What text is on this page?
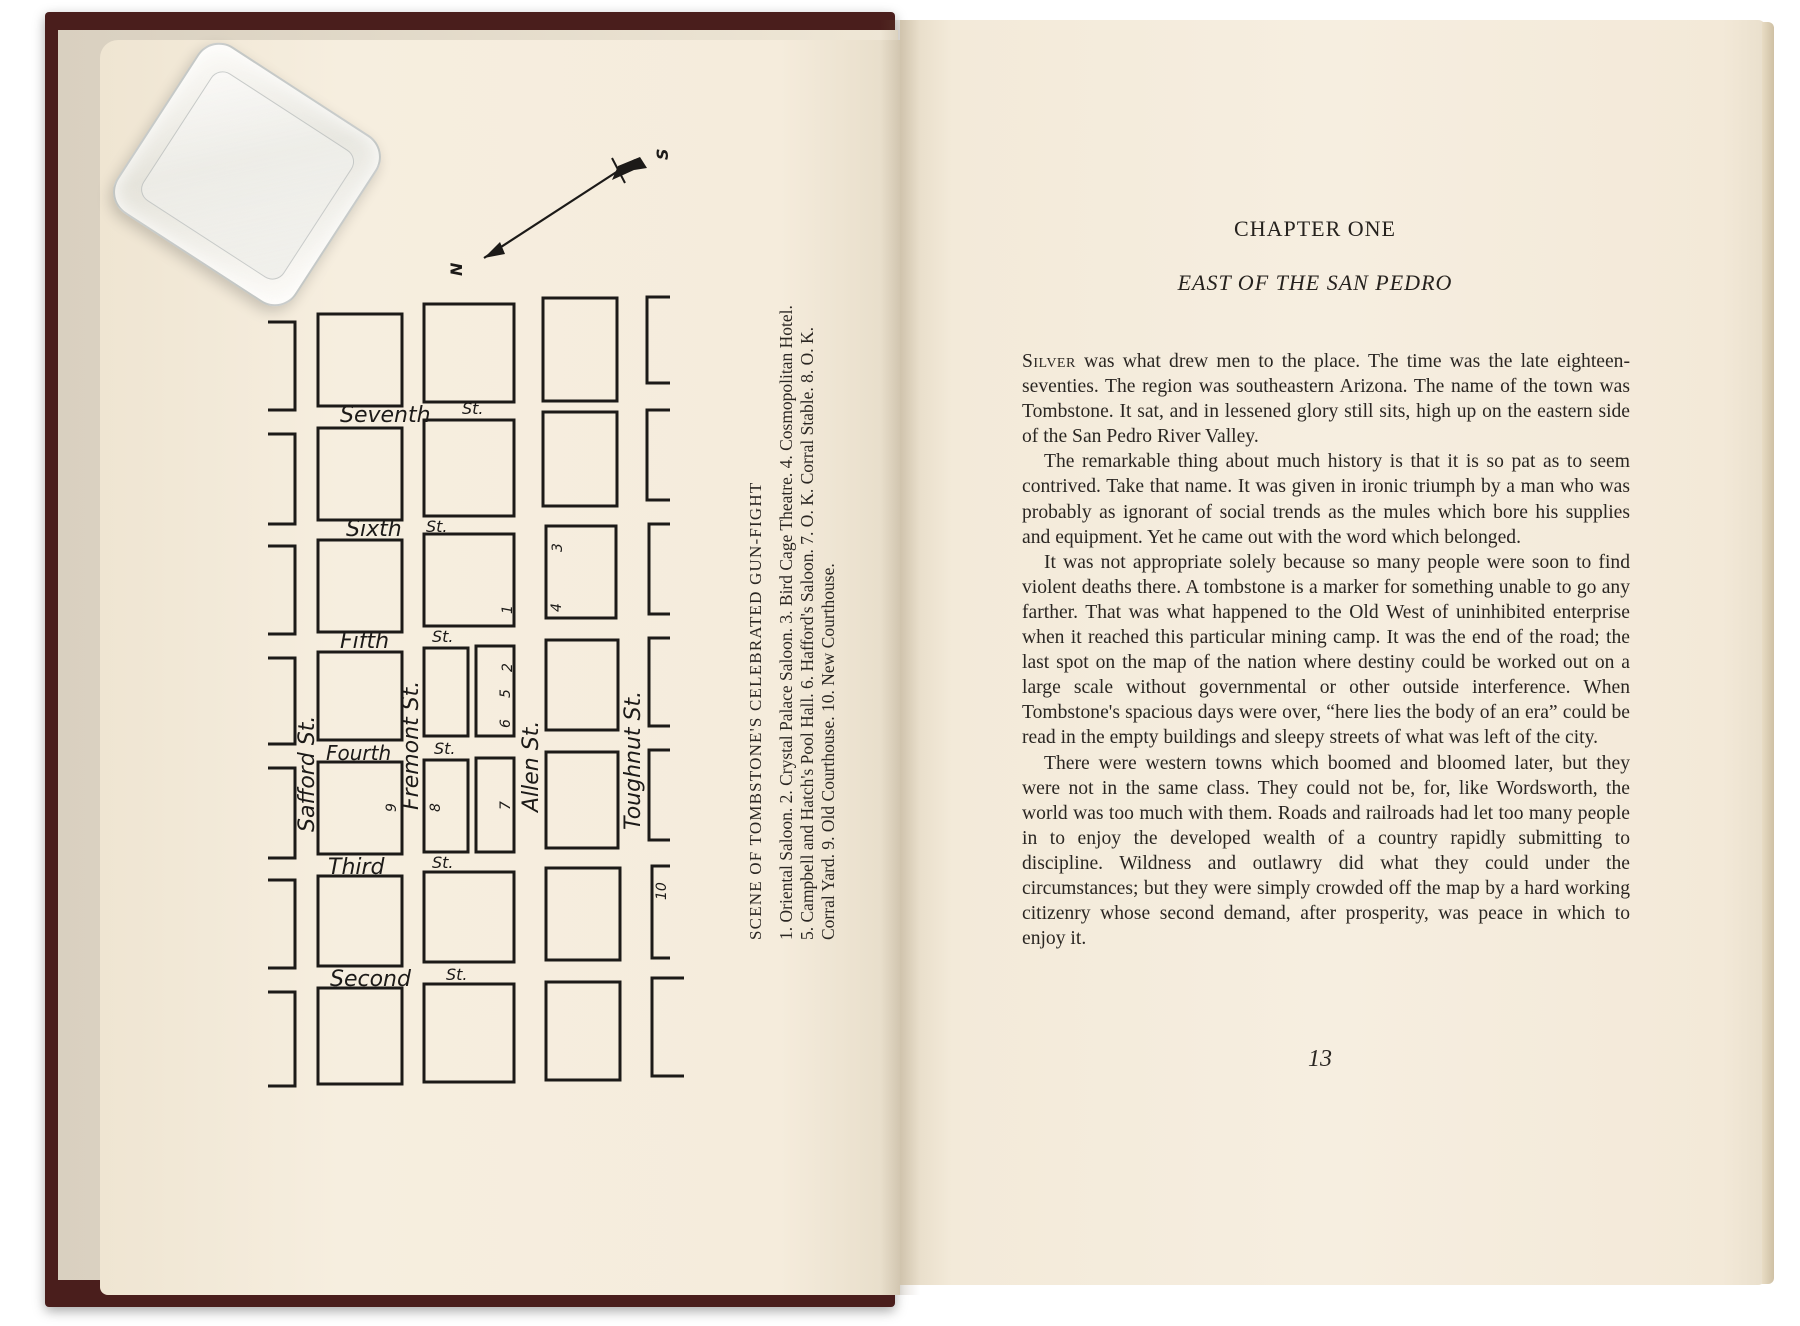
S
N
Seventh St.
Sixth St.
Fifth	St.
Fourth	St.
Third	St.
Second St.
Safford St.	Fremont St.	Allen St.	Toughnut St.
1
2
3
4
5
6
7
8
9
10	SCENE OF TOMBSTONE'S CELEBRATED GUN-FIGHT 1. Oriental Saloon. 2. Crystal Palace Saloon. 3. Bird Cage Theatre. 4. Cosmopolitan Hotel. 5. Campbell and Hatch's Pool Hall. 6. Hafford's Saloon. 7. O. K. Corral Stable. 8. O. K. Corral Yard. 9. Old Courthouse. 10. New Courthouse.
CHAPTER ONE
EAST OF THE SAN PEDRO

Silver was what drew men to the place. The time was the late eighteen-seventies. The region was southeastern Arizona. The name of the town was Tombstone. It sat, and in lessened glory still sits, high up on the eastern side of the San Pedro River Valley.

The remarkable thing about much history is that it is so pat as to seem contrived. Take that name. It was given in ironic triumph by a man who was probably as ignorant of social trends as the mules which bore his supplies and equipment. Yet he came out with the word which belonged.

It was not appropriate solely because so many people were soon to find violent deaths there. A tombstone is a marker for something unable to go any farther. That was what happened to the Old West of uninhibited enterprise when it reached this particular mining camp. It was the end of the road; the last spot on the map of the nation where destiny could be worked out on a large scale without governmental or other outside interference. When Tombstone's spacious days were over, “here lies the body of an era” could be read in the empty buildings and sleepy streets of what was left of the city.

There were western towns which boomed and bloomed later, but they were not in the same class. They could not be, for, like Wordsworth, the world was too much with them. Roads and railroads had let too many people in to enjoy the developed wealth of a country rapidly submitting to discipline. Wildness and outlawry did what they could under the circumstances; but they were simply crowded off the map by a hard working citizenry whose second demand, after prosperity, was peace in which to enjoy it.

13
